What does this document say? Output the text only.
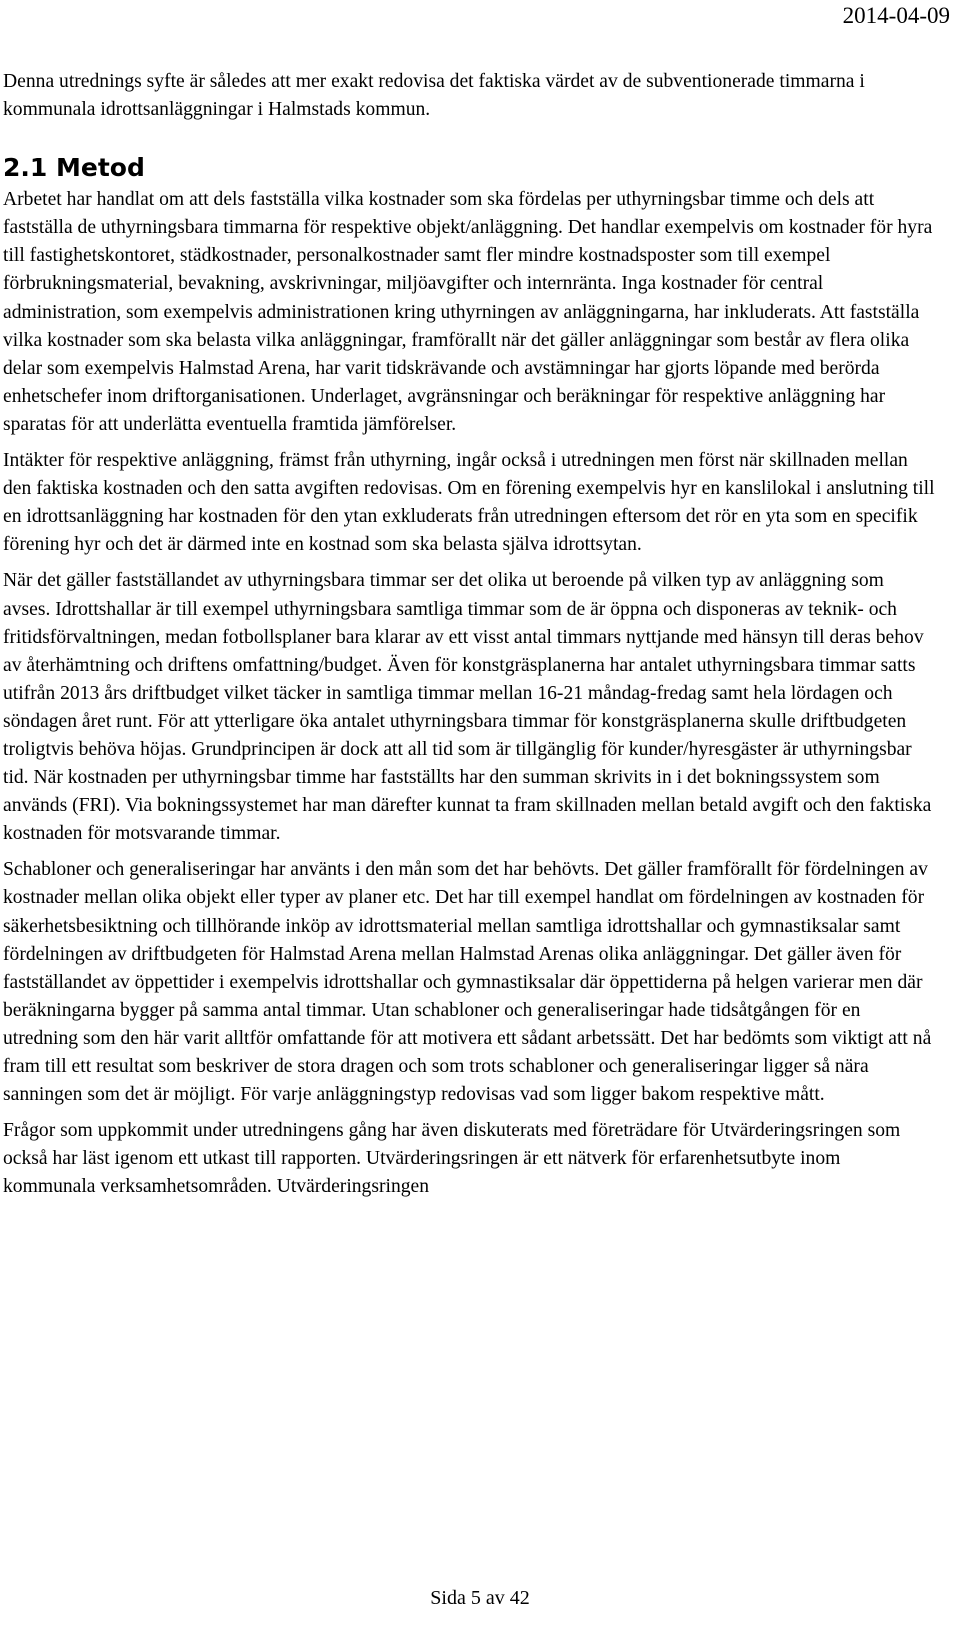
2014-04-09

Denna utrednings syfte är således att mer exakt redovisa det faktiska värdet av de subventionerade timmarna i kommunala idrottsanläggningar i Halmstads kommun.

2.1 Metod

Arbetet har handlat om att dels fastställa vilka kostnader som ska fördelas per uthyrningsbar timme och dels att fastställa de uthyrningsbara timmarna för respektive objekt/anläggning. Det handlar exempelvis om kostnader för hyra till fastighetskontoret, städkostnader, personalkostnader samt fler mindre kostnadsposter som till exempel förbrukningsmaterial, bevakning, avskrivningar, miljöavgifter och internränta. Inga kostnader för central administration, som exempelvis administrationen kring uthyrningen av anläggningarna, har inkluderats. Att fastställa vilka kostnader som ska belasta vilka anläggningar, framförallt när det gäller anläggningar som består av flera olika delar som exempelvis Halmstad Arena, har varit tidskrävande och avstämningar har gjorts löpande med berörda enhetschefer inom driftorganisationen. Underlaget, avgränsningar och beräkningar för respektive anläggning har sparatas för att underlätta eventuella framtida jämförelser.

Intäkter för respektive anläggning, främst från uthyrning, ingår också i utredningen men först när skillnaden mellan den faktiska kostnaden och den satta avgiften redovisas. Om en förening exempelvis hyr en kanslilokal i anslutning till en idrottsanläggning har kostnaden för den ytan exkluderats från utredningen eftersom det rör en yta som en specifik förening hyr och det är därmed inte en kostnad som ska belasta själva idrottsytan.

När det gäller fastställandet av uthyrningsbara timmar ser det olika ut beroende på vilken typ av anläggning som avses. Idrottshallar är till exempel uthyrningsbara samtliga timmar som de är öppna och disponeras av teknik- och fritidsförvaltningen, medan fotbollsplaner bara klarar av ett visst antal timmars nyttjande med hänsyn till deras behov av återhämtning och driftens omfattning/budget. Även för konstgräsplanerna har antalet uthyrningsbara timmar satts utifrån 2013 års driftbudget vilket täcker in samtliga timmar mellan 16-21 måndag-fredag samt hela lördagen och söndagen året runt. För att ytterligare öka antalet uthyrningsbara timmar för konstgräsplanerna skulle driftbudgeten troligtvis behöva höjas. Grundprincipen är dock att all tid som är tillgänglig för kunder/hyresgäster är uthyrningsbar tid. När kostnaden per uthyrningsbar timme har fastställts har den summan skrivits in i det bokningssystem som används (FRI). Via bokningssystemet har man därefter kunnat ta fram skillnaden mellan betald avgift och den faktiska kostnaden för motsvarande timmar.

Schabloner och generaliseringar har använts i den mån som det har behövts. Det gäller framförallt för fördelningen av kostnader mellan olika objekt eller typer av planer etc. Det har till exempel handlat om fördelningen av kostnaden för säkerhetsbesiktning och tillhörande inköp av idrottsmaterial mellan samtliga idrottshallar och gymnastiksalar samt fördelningen av driftbudgeten för Halmstad Arena mellan Halmstad Arenas olika anläggningar. Det gäller även för fastställandet av öppettider i exempelvis idrottshallar och gymnastiksalar där öppettiderna på helgen varierar men där beräkningarna bygger på samma antal timmar. Utan schabloner och generaliseringar hade tidsåtgången för en utredning som den här varit alltför omfattande för att motivera ett sådant arbetssätt. Det har bedömts som viktigt att nå fram till ett resultat som beskriver de stora dragen och som trots schabloner och generaliseringar ligger så nära sanningen som det är möjligt. För varje anläggningstyp redovisas vad som ligger bakom respektive mått.

Frågor som uppkommit under utredningens gång har även diskuterats med företrädare för Utvärderingsringen som också har läst igenom ett utkast till rapporten. Utvärderingsringen är ett nätverk för erfarenhetsutbyte inom kommunala verksamhetsområden. Utvärderingsringen

Sida 5 av 42
